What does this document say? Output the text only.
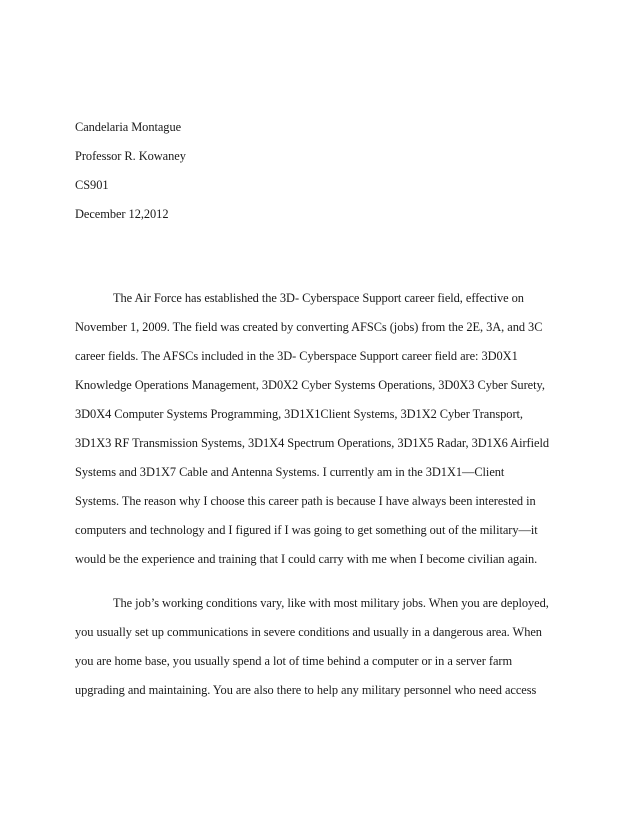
Candelaria Montague
Professor R. Kowaney
CS901
December 12,2012
The Air Force has established the 3D- Cyberspace Support career field, effective on
November 1, 2009. The field was created by converting AFSCs (jobs) from the 2E, 3A, and 3C
career fields. The AFSCs included in the 3D- Cyberspace Support career field are: 3D0X1
Knowledge Operations Management, 3D0X2 Cyber Systems Operations, 3D0X3 Cyber Surety,
3D0X4 Computer Systems Programming, 3D1X1Client Systems, 3D1X2 Cyber Transport,
3D1X3 RF Transmission Systems, 3D1X4 Spectrum Operations, 3D1X5 Radar, 3D1X6 Airfield
Systems and 3D1X7 Cable and Antenna Systems. I currently am in the 3D1X1—Client
Systems. The reason why I choose this career path is because I have always been interested in
computers and technology and I figured if I was going to get something out of the military—it
would be the experience and training that I could carry with me when I become civilian again.
The job’s working conditions vary, like with most military jobs. When you are deployed,
you usually set up communications in severe conditions and usually in a dangerous area. When
you are home base, you usually spend a lot of time behind a computer or in a server farm
upgrading and maintaining. You are also there to help any military personnel who need access
